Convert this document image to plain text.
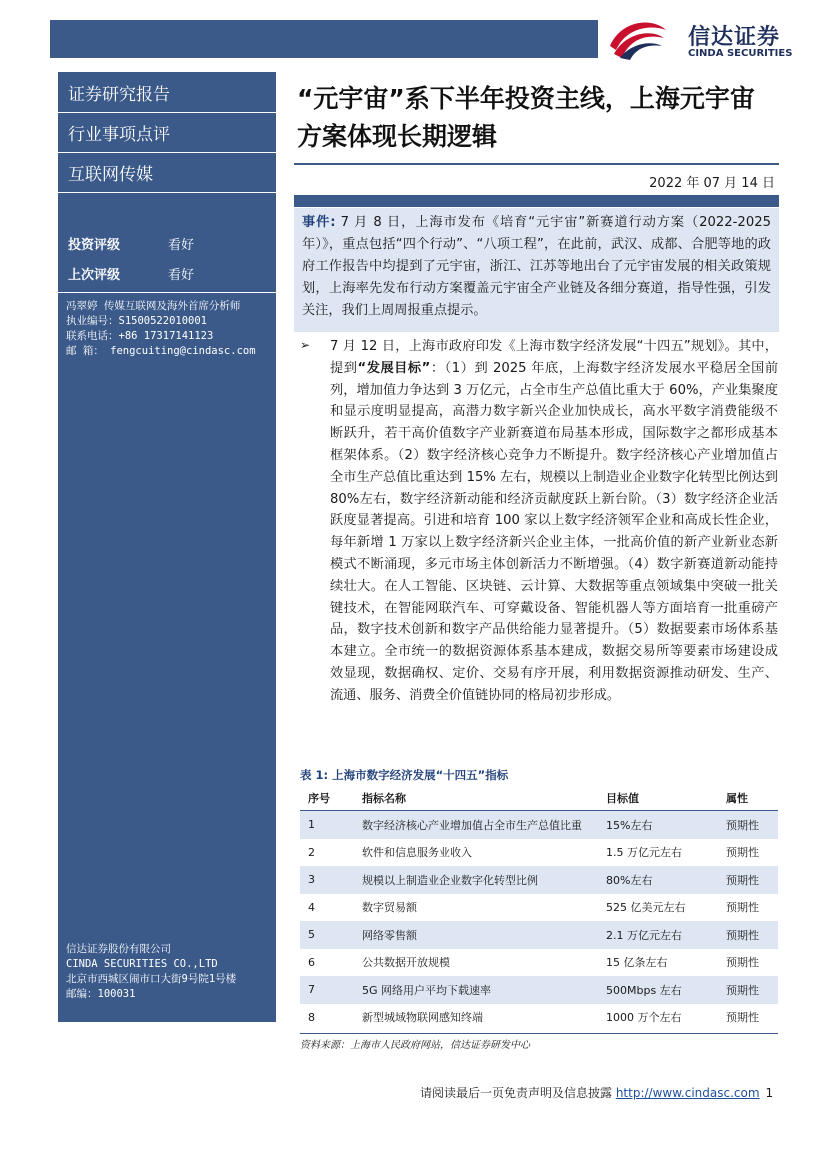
信达证券
CINDA SECURITIES
证券研究报告
行业事项点评
互联网传媒
投资评级	看好
上次评级	看好
冯翠婷 传媒互联网及海外首席分析师
执业编号：S1500522010001
联系电话：+86 17317141123
邮 箱： fengcuiting@cindasc.com
信达证券股份有限公司
CINDA SECURITIES CO.,LTD
北京市西城区闹市口大街9号院1号楼
邮编：100031
“元宇宙”系下半年投资主线，上海元宇宙方案体现长期逻辑
2022 年 07 月 14 日

事件: 7 月 8 日，上海市发布《培育“元宇宙”新赛道行动方案（2022-2025 年）》，重点包括“四个行动”、“八项工程”，在此前，武汉、成都、合肥等地的政府工作报告中均提到了元宇宙，浙江、江苏等地出台了元宇宙发展的相关政策规划，上海率先发布行动方案覆盖元宇宙全产业链及各细分赛道，指导性强，引发关注，我们上周周报重点提示。

➢ 7 月 12 日，上海市政府印发《上海市数字经济发展“十四五”规划》。其中，提到“发展目标”：（1）到 2025 年底，上海数字经济发展水平稳居全国前列，增加值力争达到 3 万亿元，占全市生产总值比重大于 60%，产业集聚度和显示度明显提高，高潜力数字新兴企业加快成长，高水平数字消费能级不断跃升，若干高价值数字产业新赛道布局基本形成，国际数字之都形成基本框架体系。（2）数字经济核心竞争力不断提升。数字经济核心产业增加值占全市生产总值比重达到 15% 左右，规模以上制造业企业数字化转型比例达到 80%左右，数字经济新动能和经济贡献度跃上新台阶。（3）数字经济企业活跃度显著提高。引进和培育 100 家以上数字经济领军企业和高成长性企业，每年新增 1 万家以上数字经济新兴企业主体，一批高价值的新产业新业态新模式不断涌现，多元市场主体创新活力不断增强。（4）数字新赛道新动能持续壮大。在人工智能、区块链、云计算、大数据等重点领域集中突破一批关键技术，在智能网联汽车、可穿戴设备、智能机器人等方面培育一批重磅产品，数字技术创新和数字产品供给能力显著提升。（5）数据要素市场体系基本建立。全市统一的数据资源体系基本建成，数据交易所等要素市场建设成效显现，数据确权、定价、交易有序开展，利用数据资源推动研发、生产、流通、服务、消费全价值链协同的格局初步形成。

表 1: 上海市数字经济发展“十四五”指标
序号	指标名称	目标值	属性
1	数字经济核心产业增加值占全市生产总值比重	15%左右	预期性
2	软件和信息服务业收入	1.5 万亿元左右	预期性
3	规模以上制造业企业数字化转型比例	80%左右	预期性
4	数字贸易额	525 亿美元左右	预期性
5	网络零售额	2.1 万亿元左右	预期性
6	公共数据开放规模	15 亿条左右	预期性
7	5G 网络用户平均下载速率	500Mbps 左右	预期性
8	新型城域物联网感知终端	1000 万个左右	预期性
资料来源：上海市人民政府网站，信达证券研发中心
请阅读最后一页免责声明及信息披露 http://www.cindasc.com 1
